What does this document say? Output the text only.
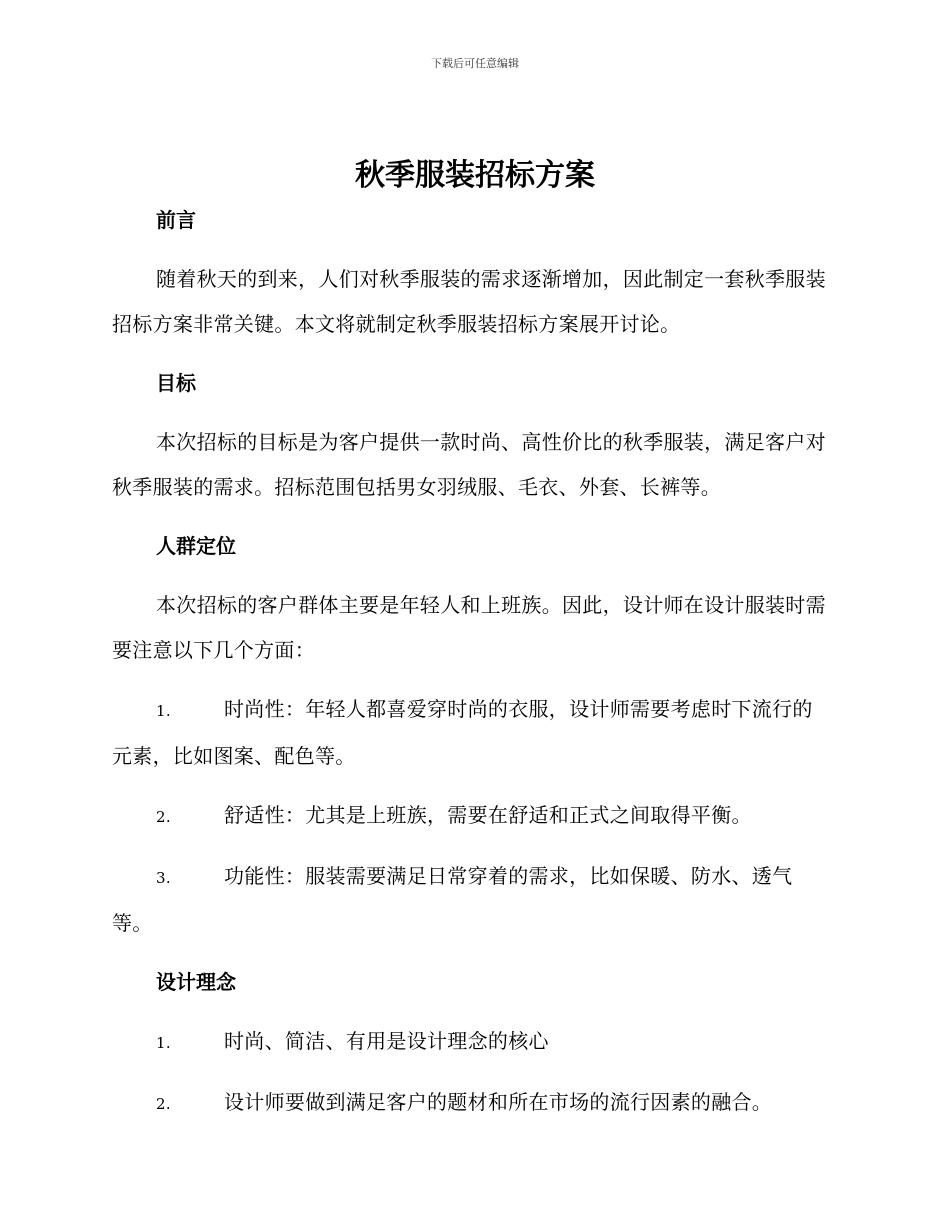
下载后可任意编辑
秋季服装招标方案
前言

随着秋天的到来，人们对秋季服装的需求逐渐增加，因此制定一套秋季服装招标方案非常关键。本文将就制定秋季服装招标方案展开讨论。

目标

本次招标的目标是为客户提供一款时尚、高性价比的秋季服装，满足客户对秋季服装的需求。招标范围包括男女羽绒服、毛衣、外套、长裤等。

人群定位

本次招标的客户群体主要是年轻人和上班族。因此，设计师在设计服装时需要注意以下几个方面：

1.	时尚性：年轻人都喜爱穿时尚的衣服，设计师需要考虑时下流行的元素，比如图案、配色等。

2.	舒适性：尤其是上班族，需要在舒适和正式之间取得平衡。

3.	功能性：服装需要满足日常穿着的需求，比如保暖、防水、透气等。

设计理念

1.	时尚、简洁、有用是设计理念的核心

2.	设计师要做到满足客户的题材和所在市场的流行因素的融合。
